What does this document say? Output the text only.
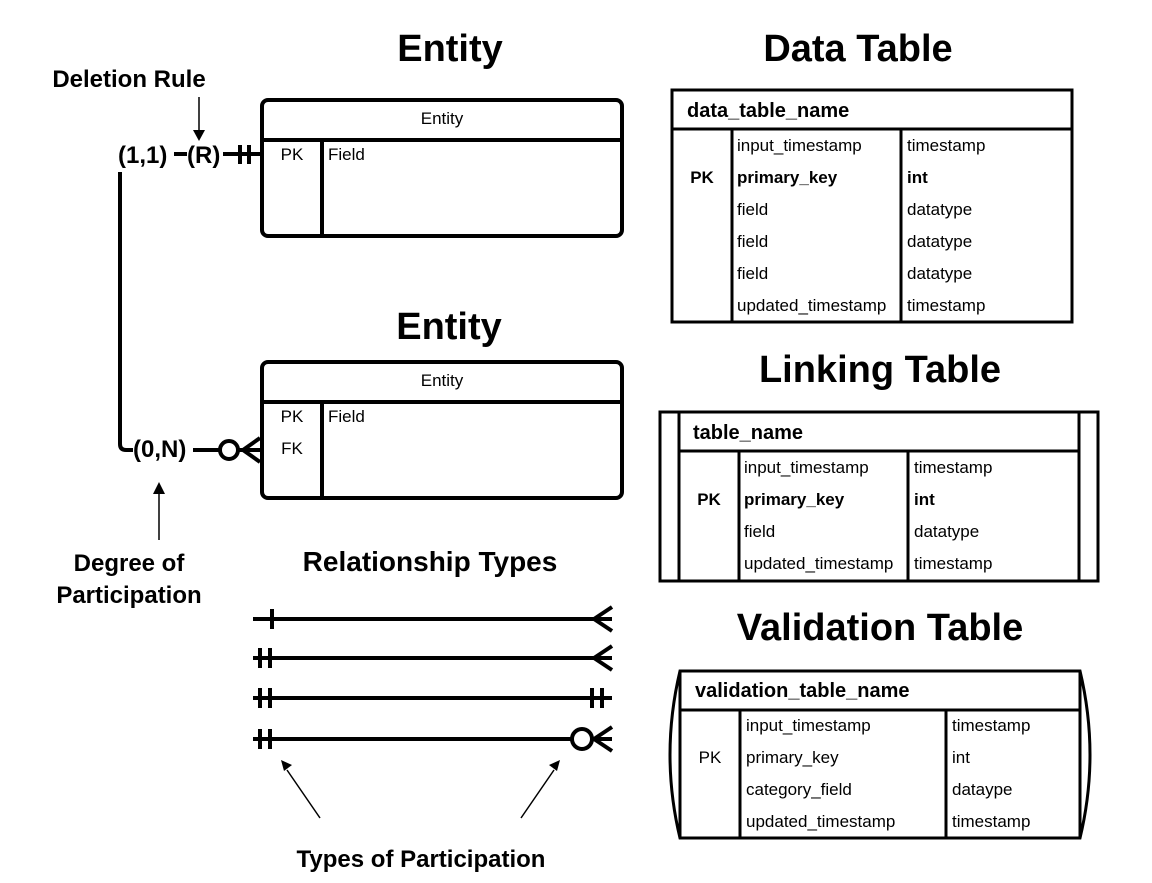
Entity
Entity
Data Table
Linking Table
Validation Table
Relationship Types
Deletion Rule
Degree of
Participation
Types of Participation
(1,1) (R)
(0,N)
Entity
PK Field
Entity
PK
FK
Field
data_table_name
input_timestamp	timestamp
PK primary_key	int
field	datatype
field	datatype
field	datatype
updated_timestamp timestamp
table_name
input_timestamp	timestamp
PK primary_key	int
field	datatype
updated_timestamp timestamp
validation_table_name
input_timestamp	timestamp
PK primary_key	int
category_field	dataype
updated_timestamp	timestamp
